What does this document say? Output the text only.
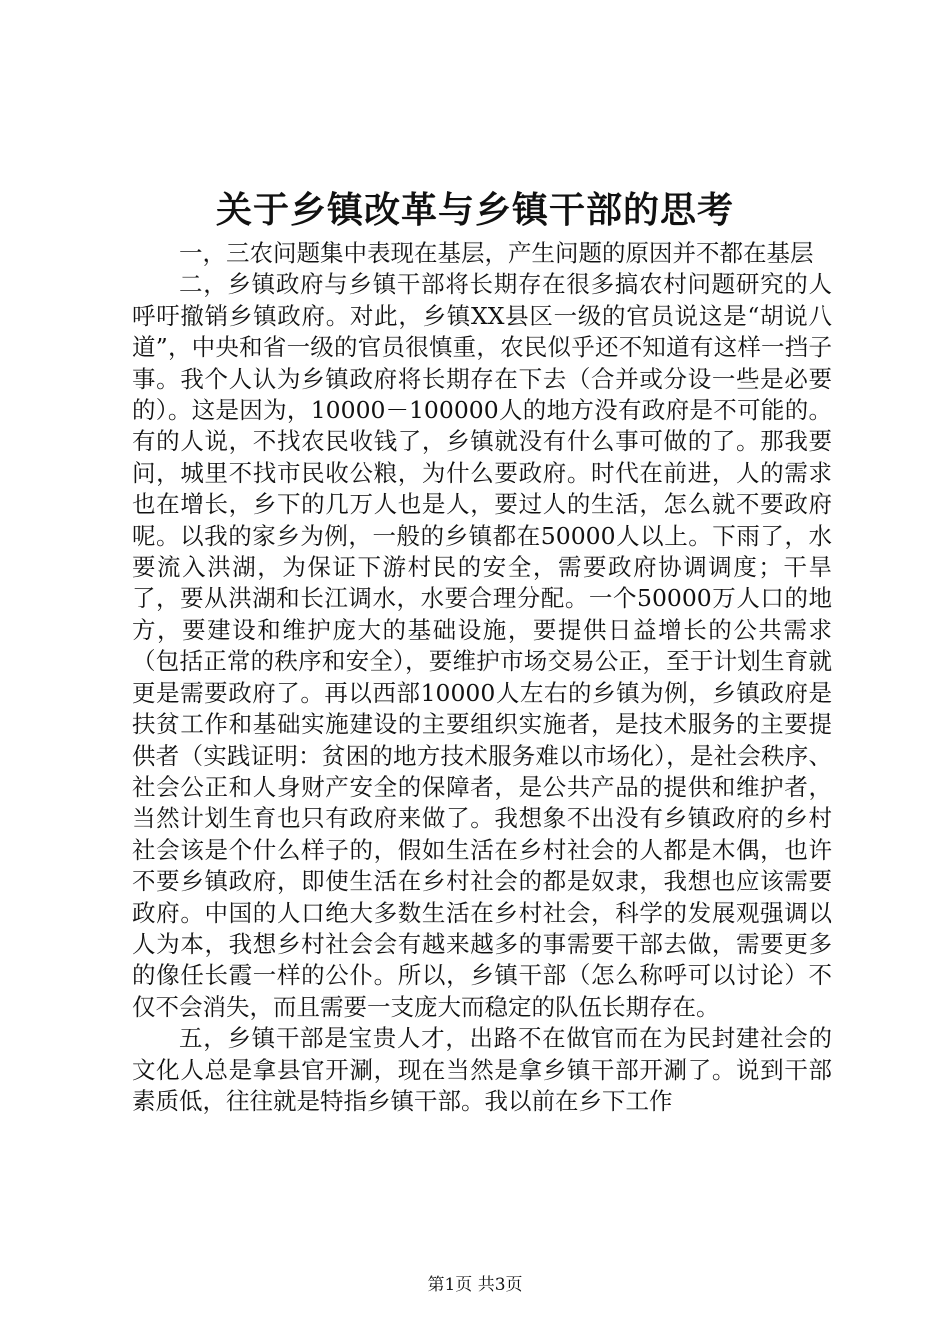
关于乡镇改革与乡镇干部的思考

一，三农问题集中表现在基层，产生问题的原因并不都在基层

二，乡镇政府与乡镇干部将长期存在很多搞农村问题研究的人呼吁撤销乡镇政府。对此，乡镇XX县区一级的官员说这是“胡说八道”，中央和省一级的官员很慎重，农民似乎还不知道有这样一挡子事。我个人认为乡镇政府将长期存在下去（合并或分设一些是必要的）。这是因为，10000－100000人的地方没有政府是不可能的。有的人说，不找农民收钱了，乡镇就没有什么事可做的了。那我要问，城里不找市民收公粮，为什么要政府。时代在前进，人的需求也在增长，乡下的几万人也是人，要过人的生活，怎么就不要政府呢。以我的家乡为例，一般的乡镇都在50000人以上。下雨了，水要流入洪湖，为保证下游村民的安全，需要政府协调调度；干旱了，要从洪湖和长江调水，水要合理分配。一个50000万人口的地方，要建设和维护庞大的基础设施，要提供日益增长的公共需求（包括正常的秩序和安全），要维护市场交易公正，至于计划生育就更是需要政府了。再以西部10000人左右的乡镇为例，乡镇政府是扶贫工作和基础实施建设的主要组织实施者，是技术服务的主要提供者（实践证明：贫困的地方技术服务难以市场化），是社会秩序、社会公正和人身财产安全的保障者，是公共产品的提供和维护者，当然计划生育也只有政府来做了。我想象不出没有乡镇政府的乡村社会该是个什么样子的，假如生活在乡村社会的人都是木偶，也许不要乡镇政府，即使生活在乡村社会的都是奴隶，我想也应该需要政府。中国的人口绝大多数生活在乡村社会，科学的发展观强调以人为本，我想乡村社会会有越来越多的事需要干部去做，需要更多的像任长霞一样的公仆。所以，乡镇干部（怎么称呼可以讨论）不仅不会消失，而且需要一支庞大而稳定的队伍长期存在。

五，乡镇干部是宝贵人才，出路不在做官而在为民封建社会的文化人总是拿县官开涮，现在当然是拿乡镇干部开涮了。说到干部素质低，往往就是特指乡镇干部。我以前在乡下工作

第1页 共3页
